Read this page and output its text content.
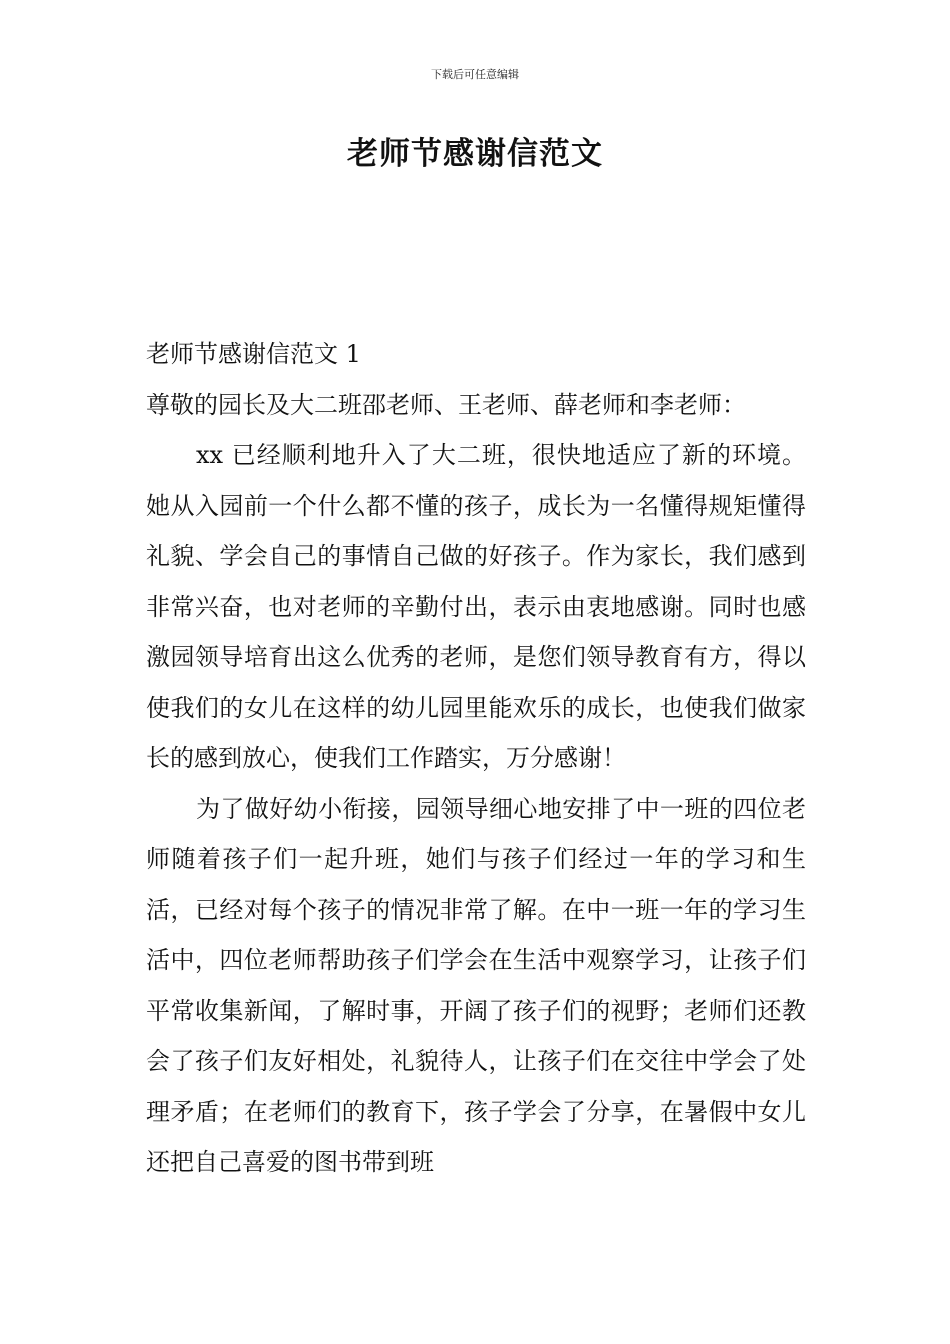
下载后可任意编辑
老师节感谢信范文

老师节感谢信范文 1

尊敬的园长及大二班邵老师、王老师、薛老师和李老师：

xx 已经顺利地升入了大二班，很快地适应了新的环境。她从入园前一个什么都不懂的孩子，成长为一名懂得规矩懂得礼貌、学会自己的事情自己做的好孩子。作为家长，我们感到非常兴奋，也对老师的辛勤付出，表示由衷地感谢。同时也感激园领导培育出这么优秀的老师，是您们领导教育有方，得以使我们的女儿在这样的幼儿园里能欢乐的成长，也使我们做家长的感到放心，使我们工作踏实，万分感谢！

为了做好幼小衔接，园领导细心地安排了中一班的四位老师随着孩子们一起升班，她们与孩子们经过一年的学习和生活，已经对每个孩子的情况非常了解。在中一班一年的学习生活中，四位老师帮助孩子们学会在生活中观察学习，让孩子们平常收集新闻，了解时事，开阔了孩子们的视野；老师们还教会了孩子们友好相处，礼貌待人，让孩子们在交往中学会了处理矛盾；在老师们的教育下，孩子学会了分享，在暑假中女儿还把自己喜爱的图书带到班
